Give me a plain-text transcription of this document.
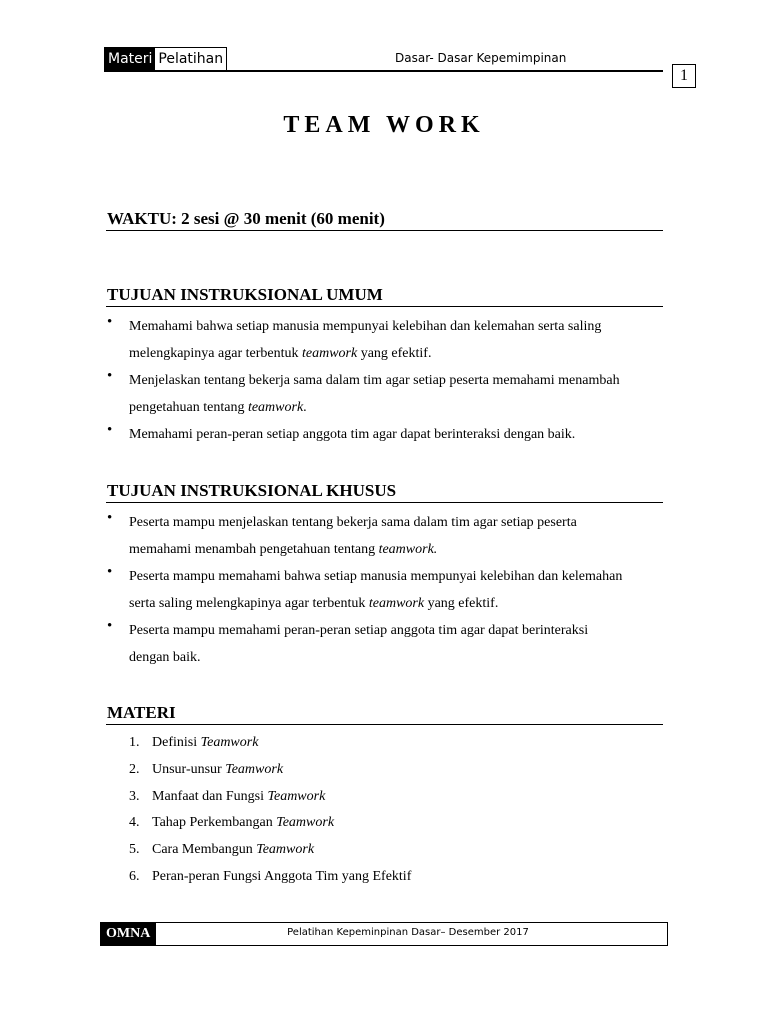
Materi Pelatihan	Dasar- Dasar Kepemimpinan
1
TEAM WORK
WAKTU: 2 sesi @ 30 menit (60 menit)
TUJUAN INSTRUKSIONAL UMUM
• Memahami bahwa setiap manusia mempunyai kelebihan dan kelemahan serta saling
melengkapinya agar terbentuk teamwork yang efektif.
• Menjelaskan tentang bekerja sama dalam tim agar setiap peserta memahami menambah
pengetahuan tentang teamwork.
• Memahami peran-peran setiap anggota tim agar dapat berinteraksi dengan baik.
TUJUAN INSTRUKSIONAL KHUSUS
• Peserta mampu menjelaskan tentang bekerja sama dalam tim agar setiap peserta
memahami menambah pengetahuan tentang teamwork.
• Peserta mampu memahami bahwa setiap manusia mempunyai kelebihan dan kelemahan
serta saling melengkapinya agar terbentuk teamwork yang efektif.
• Peserta mampu memahami peran-peran setiap anggota tim agar dapat berinteraksi
dengan baik.
MATERI
1. Definisi Teamwork
2. Unsur-unsur Teamwork
3. Manfaat dan Fungsi Teamwork
4. Tahap Perkembangan Teamwork
5. Cara Membangun Teamwork
6. Peran-peran Fungsi Anggota Tim yang Efektif
OMNA	Pelatihan Kepeminpinan Dasar– Desember 2017
